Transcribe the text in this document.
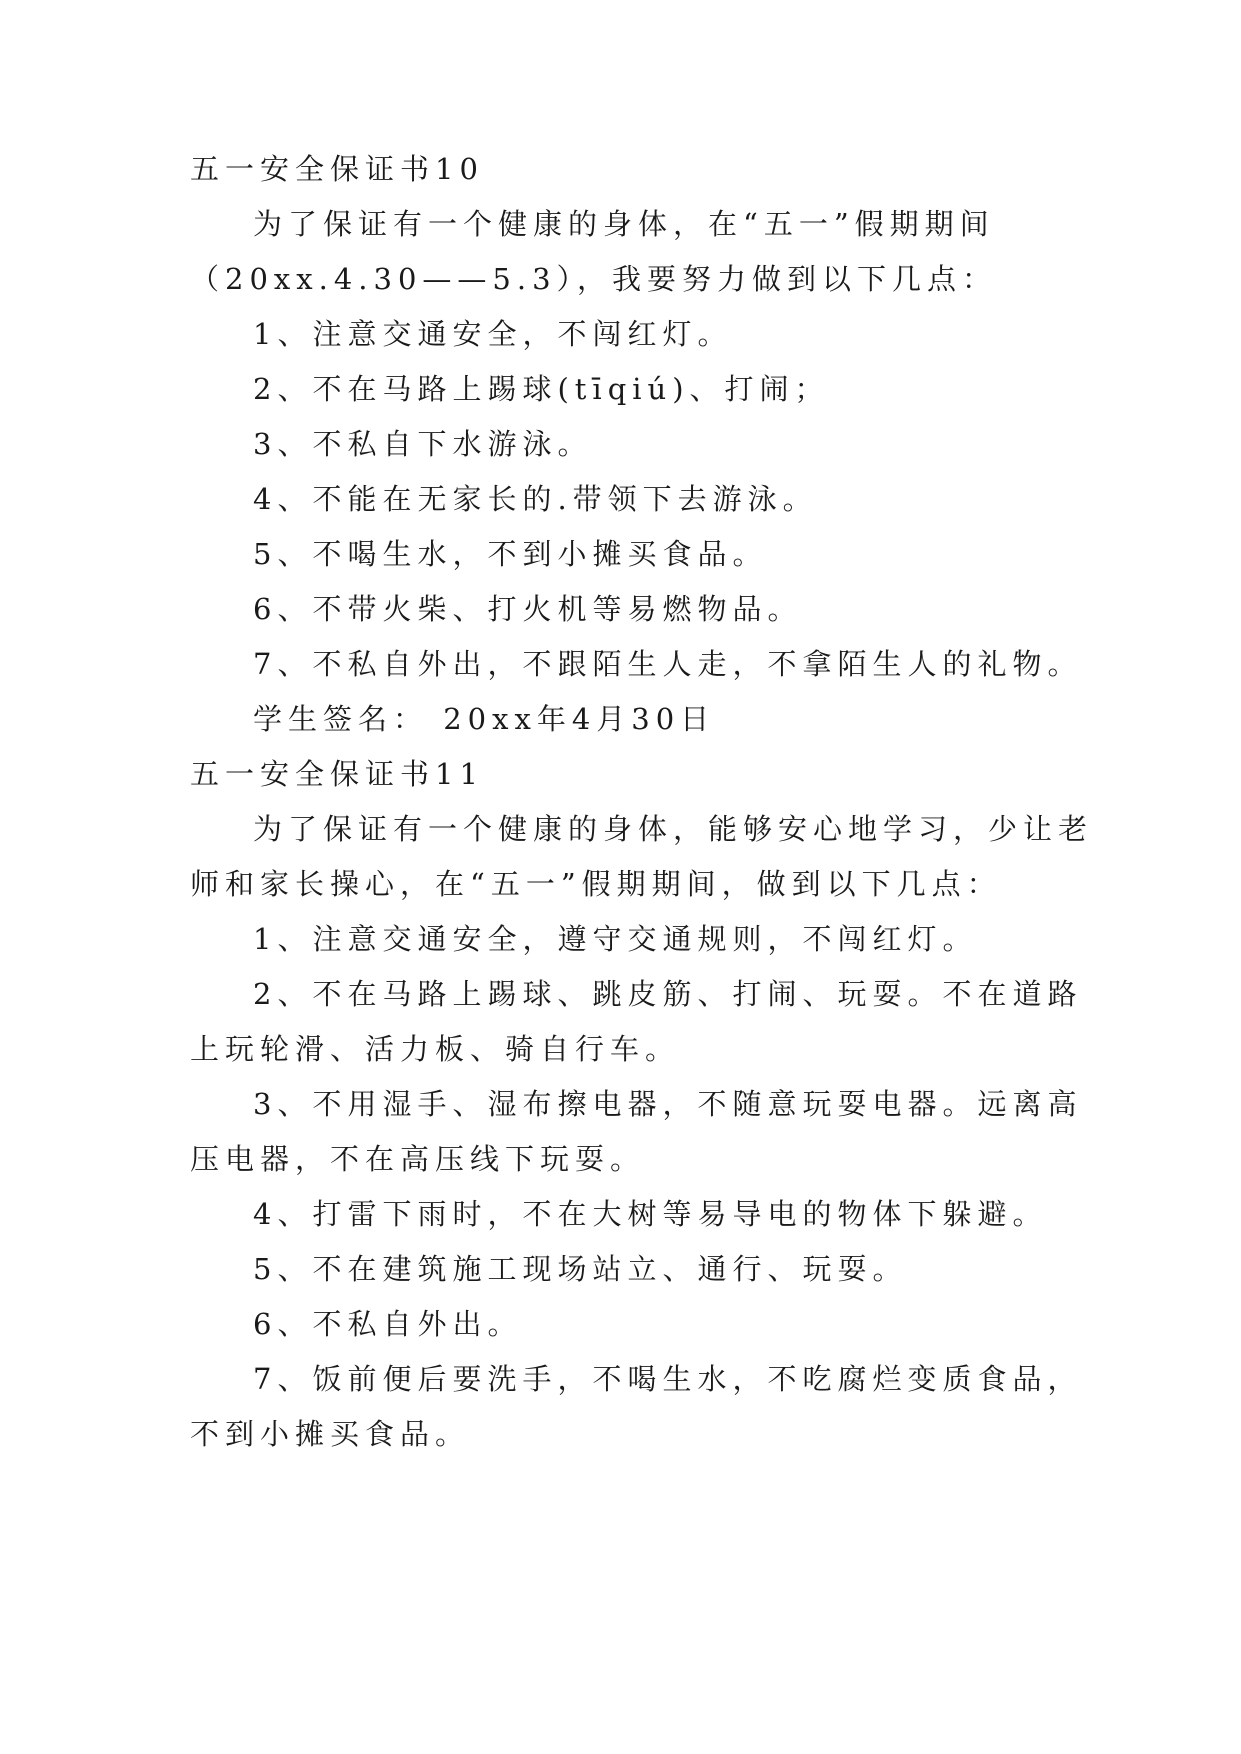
五一安全保证书10

为了保证有一个健康的身体，在“五一”假期期间

（20xx.4.30——5.3），我要努力做到以下几点：

1、注意交通安全，不闯红灯。

2、不在马路上踢球(tīqiú)、打闹；

3、不私自下水游泳。

4、不能在无家长的.带领下去游泳。

5、不喝生水，不到小摊买食品。

6、不带火柴、打火机等易燃物品。

7、不私自外出，不跟陌生人走，不拿陌生人的礼物。

学生签名： 20xx年4月30日

五一安全保证书11

为了保证有一个健康的身体，能够安心地学习，少让老

师和家长操心，在“五一”假期期间，做到以下几点：

1、注意交通安全，遵守交通规则，不闯红灯。

2、不在马路上踢球、跳皮筋、打闹、玩耍。不在道路

上玩轮滑、活力板、骑自行车。

3、不用湿手、湿布擦电器，不随意玩耍电器。远离高

压电器，不在高压线下玩耍。

4、打雷下雨时，不在大树等易导电的物体下躲避。

5、不在建筑施工现场站立、通行、玩耍。

6、不私自外出。

7、饭前便后要洗手，不喝生水，不吃腐烂变质食品，

不到小摊买食品。
